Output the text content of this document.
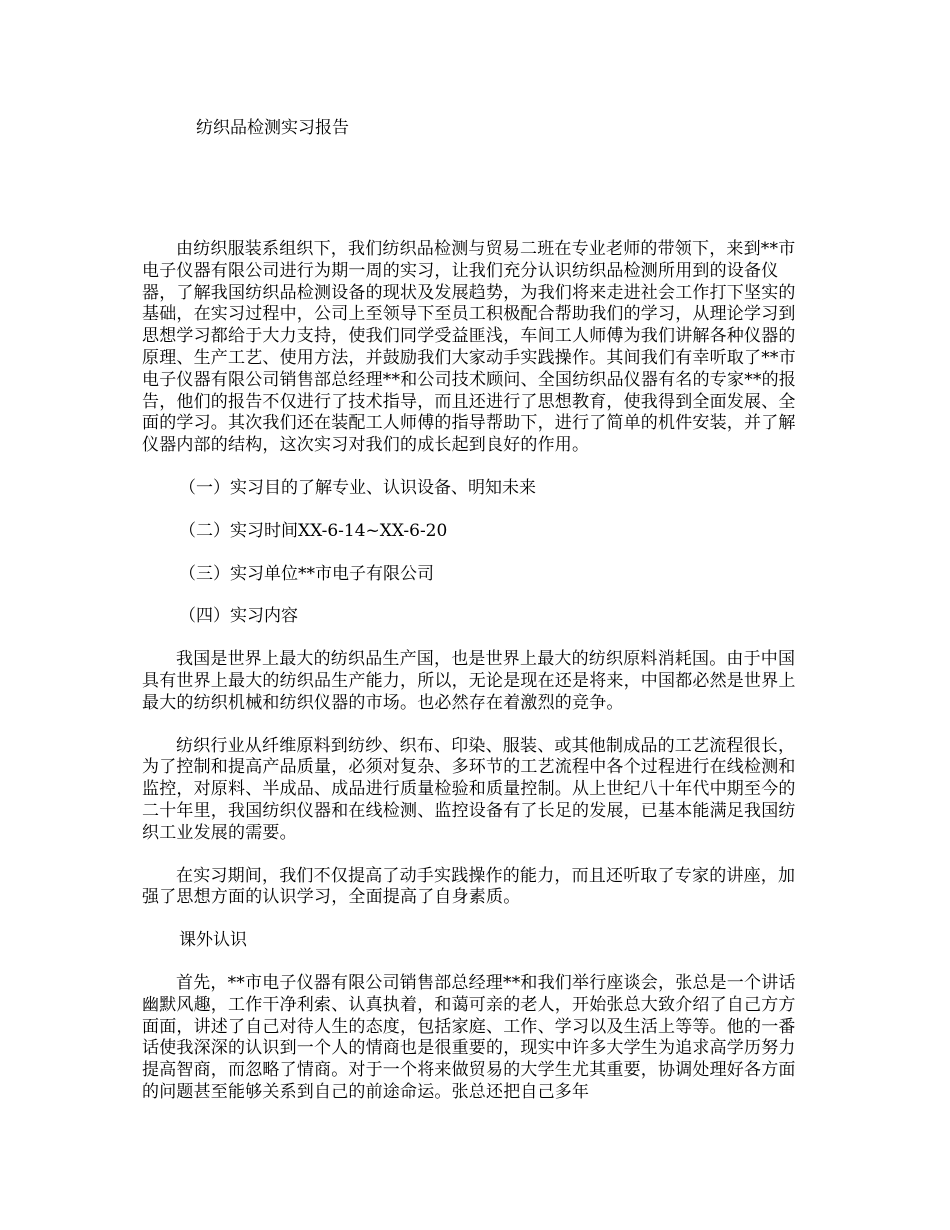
纺织品检测实习报告

由纺织服装系组织下，我们纺织品检测与贸易二班在专业老师的带领下，来到**市电子仪器有限公司进行为期一周的实习，让我们充分认识纺织品检测所用到的设备仪器，了解我国纺织品检测设备的现状及发展趋势，为我们将来走进社会工作打下坚实的基础，在实习过程中，公司上至领导下至员工积极配合帮助我们的学习，从理论学习到思想学习都给于大力支持，使我们同学受益匪浅，车间工人师傅为我们讲解各种仪器的原理、生产工艺、使用方法，并鼓励我们大家动手实践操作。其间我们有幸听取了**市电子仪器有限公司销售部总经理**和公司技术顾问、全国纺织品仪器有名的专家**的报告，他们的报告不仅进行了技术指导，而且还进行了思想教育，使我得到全面发展、全面的学习。其次我们还在装配工人师傅的指导帮助下，进行了简单的机件安装，并了解仪器内部的结构，这次实习对我们的成长起到良好的作用。

（一）实习目的了解专业、认识设备、明知未来

（二）实习时间XX-6-14~XX-6-20

（三）实习单位**市电子有限公司

（四）实习内容

我国是世界上最大的纺织品生产国，也是世界上最大的纺织原料消耗国。由于中国具有世界上最大的纺织品生产能力，所以，无论是现在还是将来，中国都必然是世界上最大的纺织机械和纺织仪器的市场。也必然存在着激烈的竞争。

纺织行业从纤维原料到纺纱、织布、印染、服装、或其他制成品的工艺流程很长，为了控制和提高产品质量，必须对复杂、多环节的工艺流程中各个过程进行在线检测和监控，对原料、半成品、成品进行质量检验和质量控制。从上世纪八十年代中期至今的二十年里，我国纺织仪器和在线检测、监控设备有了长足的发展，已基本能满足我国纺织工业发展的需要。

在实习期间，我们不仅提高了动手实践操作的能力，而且还听取了专家的讲座，加强了思想方面的认识学习，全面提高了自身素质。

课外认识

首先，**市电子仪器有限公司销售部总经理**和我们举行座谈会，张总是一个讲话幽默风趣，工作干净利索、认真执着，和蔼可亲的老人，开始张总大致介绍了自己方方面面，讲述了自己对待人生的态度，包括家庭、工作、学习以及生活上等等。他的一番话使我深深的认识到一个人的情商也是很重要的，现实中许多大学生为追求高学历努力提高智商，而忽略了情商。对于一个将来做贸易的大学生尤其重要，协调处理好各方面的问题甚至能够关系到自己的前途命运。张总还把自己多年
